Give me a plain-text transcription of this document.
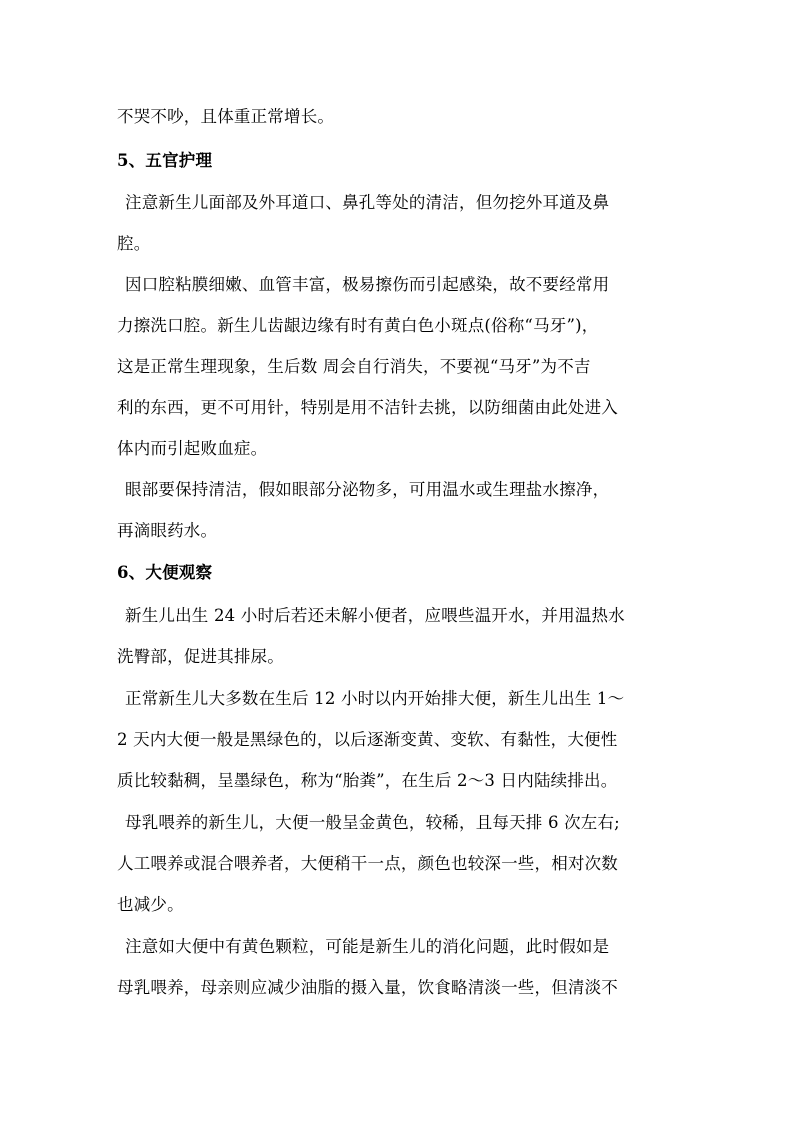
不哭不吵，且体重正常增长。
5、五官护理
注意新生儿面部及外耳道口、鼻孔等处的清洁，但勿挖外耳道及鼻
腔。
因口腔粘膜细嫩、血管丰富，极易擦伤而引起感染，故不要经常用
力擦洗口腔。新生儿齿龈边缘有时有黄白色小斑点(俗称“马牙”)，
这是正常生理现象，生后数 周会自行消失，不要视“马牙”为不吉
利的东西，更不可用针，特别是用不洁针去挑，以防细菌由此处进入
体内而引起败血症。
眼部要保持清洁，假如眼部分泌物多，可用温水或生理盐水擦净，
再滴眼药水。
6、大便观察
新生儿出生 24 小时后若还未解小便者，应喂些温开水，并用温热水
洗臀部，促进其排尿。
正常新生儿大多数在生后 12 小时以内开始排大便，新生儿出生 1～
2 天内大便一般是黑绿色的，以后逐渐变黄、变软、有黏性，大便性
质比较黏稠，呈墨绿色，称为“胎粪”，在生后 2～3 日内陆续排出。
母乳喂养的新生儿，大便一般呈金黄色，较稀，且每天排 6 次左右;
人工喂养或混合喂养者，大便稍干一点，颜色也较深一些，相对次数
也减少。
注意如大便中有黄色颗粒，可能是新生儿的消化问题，此时假如是
母乳喂养，母亲则应减少油脂的摄入量，饮食略清淡一些，但清淡不
